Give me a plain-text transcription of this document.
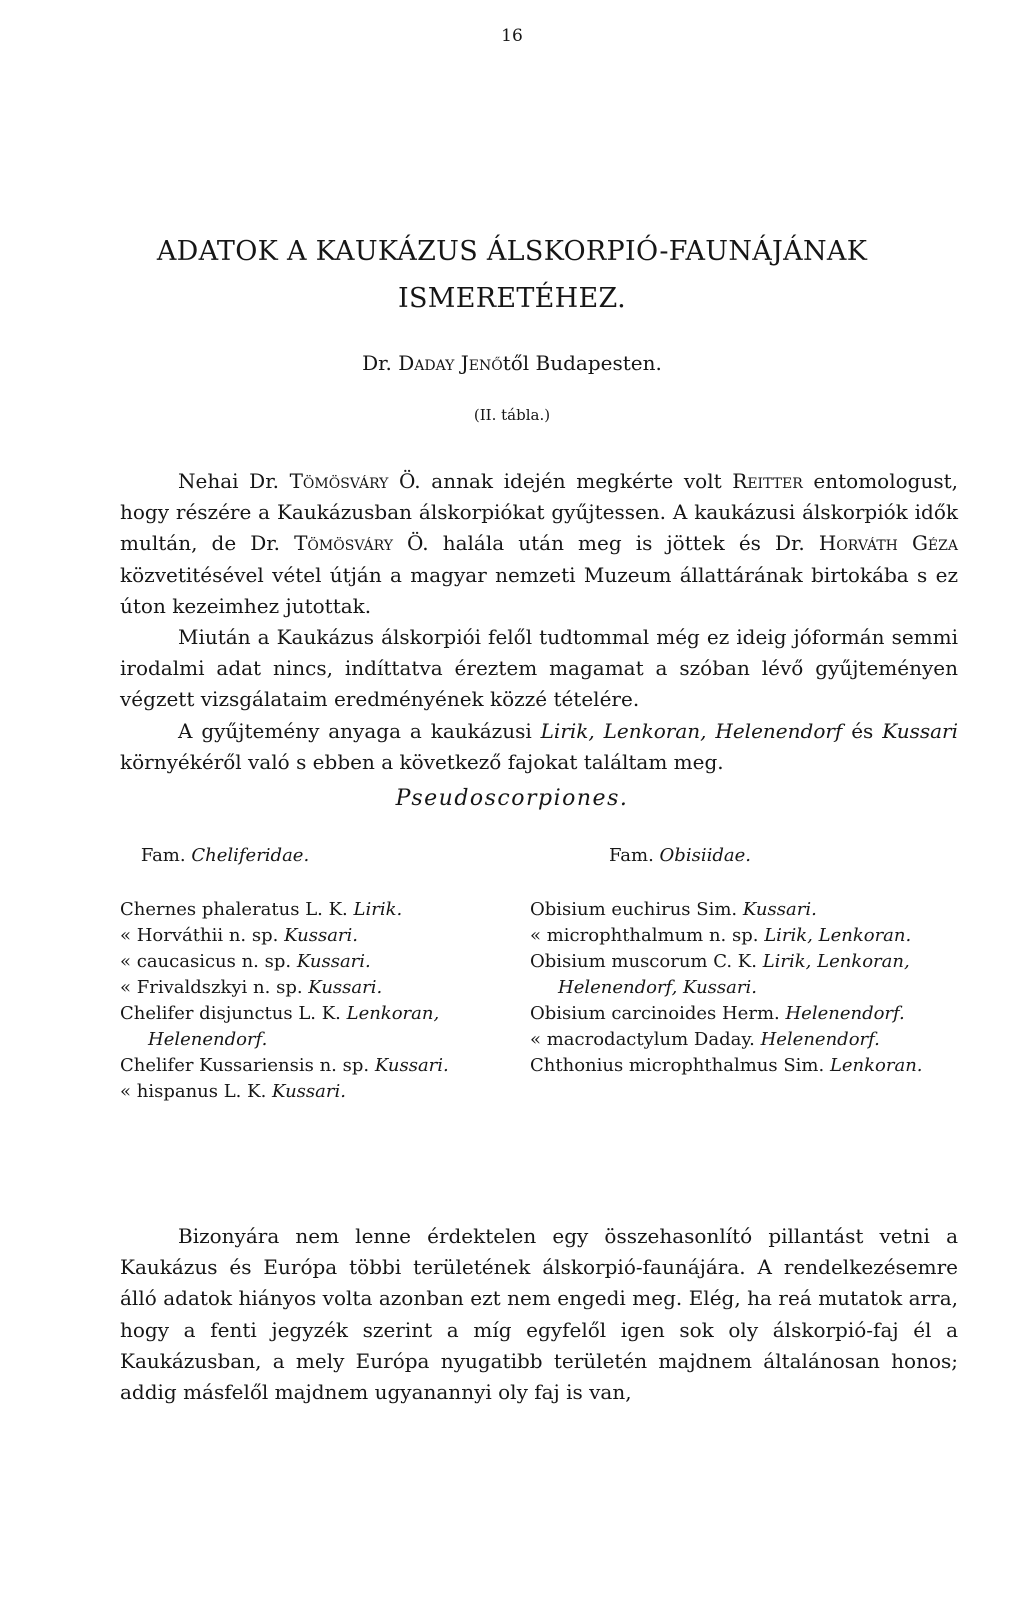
16
ADATOK A KAUKÁZUS ÁLSKORPIÓ-FAUNÁJÁNAK
ISMERETÉHEZ.
Dr. Daday Jenőtől Budapesten.
(II. tábla.)

Nehai Dr. Tömösváry Ö. annak idején megkérte volt Reitter entomologust, hogy részére a Kaukázusban álskorpiókat gyűjtessen. A kaukázusi álskorpiók idők multán, de Dr. Tömösváry Ö. halála után meg is jöttek és Dr. Horváth Géza közvetitésével vétel útján a magyar nemzeti Muzeum állattárának birtokába s ez úton kezeimhez jutottak.

Miután a Kaukázus álskorpiói felől tudtommal még ez ideig jóformán semmi irodalmi adat nincs, indíttatva éreztem magamat a szóban lévő gyűjteményen végzett vizsgálataim eredményének közzé tételére.

A gyűjtemény anyaga a kaukázusi Lirik, Lenkoran, Helenendorf és Kussari környékéről való s ebben a következő fajokat találtam meg.

Pseudoscorpiones.
Fam. Cheliferidae.
Chernes phaleratus L. K. Lirik.
« Horváthii n. sp. Kussari.
« caucasicus n. sp. Kussari.
« Frivaldszkyi n. sp. Kussari.
Chelifer disjunctus L. K. Lenkoran, Helenendorf.
Chelifer Kussariensis n. sp. Kussari.
« hispanus L. K. Kussari.
Fam. Obisiidae.
Obisium euchirus Sim. Kussari.
« microphthalmum n. sp. Lirik, Lenkoran.
Obisium muscorum C. K. Lirik, Lenkoran, Helenendorf, Kussari.
Obisium carcinoides Herm. Helenendorf.
« macrodactylum Daday. Helenendorf.
Chthonius microphthalmus Sim. Lenkoran.

Bizonyára nem lenne érdektelen egy összehasonlító pillantást vetni a Kaukázus és Európa többi területének álskorpió-faunájára. A rendelkezésemre álló adatok hiányos volta azonban ezt nem engedi meg. Elég, ha reá mutatok arra, hogy a fenti jegyzék szerint a míg egyfelől igen sok oly álskorpió-faj él a Kaukázusban, a mely Európa nyugatibb területén majdnem általánosan honos; addig másfelől majdnem ugyanannyi oly faj is van,
